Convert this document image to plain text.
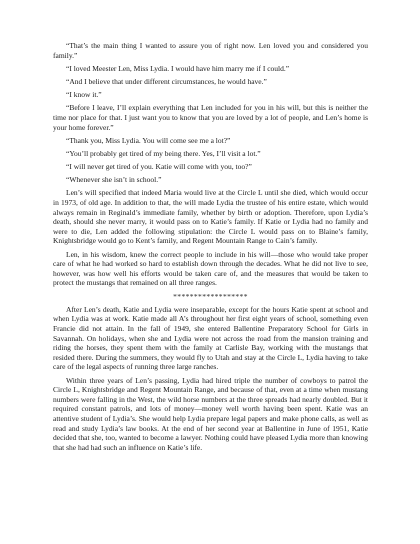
“That’s the main thing I wanted to assure you of right now. Len loved you and considered you family.”

“I loved Meester Len, Miss Lydia. I would have him marry me if I could.”

“And I believe that under different circumstances, he would have.”

“I know it.”

“Before I leave, I’ll explain everything that Len included for you in his will, but this is neither the time nor place for that. I just want you to know that you are loved by a lot of people, and Len’s home is your home forever.”

“Thank you, Miss Lydia. You will come see me a lot?”

“You’ll probably get tired of my being there. Yes, I’ll visit a lot.”

“I will never get tired of you. Katie will come with you, too?”

“Whenever she isn’t in school.”

Len’s will specified that indeed Maria would live at the Circle L until she died, which would occur in 1973, of old age. In addition to that, the will made Lydia the trustee of his entire estate, which would always remain in Reginald’s immediate family, whether by birth or adoption. Therefore, upon Lydia’s death, should she never marry, it would pass on to Katie’s family. If Katie or Lydia had no family and were to die, Len added the following stipulation: the Circle L would pass on to Blaine’s family, Knightsbridge would go to Kent’s family, and Regent Mountain Range to Cain’s family.

Len, in his wisdom, knew the correct people to include in his will—those who would take proper care of what he had worked so hard to establish down through the decades. What he did not live to see, however, was how well his efforts would be taken care of, and the measures that would be taken to protect the mustangs that remained on all three ranges.

******************

After Len’s death, Katie and Lydia were inseparable, except for the hours Katie spent at school and when Lydia was at work. Katie made all A’s throughout her first eight years of school, something even Francie did not attain. In the fall of 1949, she entered Ballentine Preparatory School for Girls in Savannah. On holidays, when she and Lydia were not across the road from the mansion training and riding the horses, they spent them with the family at Carlisle Bay, working with the mustangs that resided there. During the summers, they would fly to Utah and stay at the Circle L, Lydia having to take care of the legal aspects of running three large ranches.

Within three years of Len’s passing, Lydia had hired triple the number of cowboys to patrol the Circle L, Knightsbridge and Regent Mountain Range, and because of that, even at a time when mustang numbers were falling in the West, the wild horse numbers at the three spreads had nearly doubled. But it required constant patrols, and lots of money—money well worth having been spent. Katie was an attentive student of Lydia’s. She would help Lydia prepare legal papers and make phone calls, as well as read and study Lydia’s law books. At the end of her second year at Ballentine in June of 1951, Katie decided that she, too, wanted to become a lawyer. Nothing could have pleased Lydia more than knowing that she had had such an influence on Katie’s life.
